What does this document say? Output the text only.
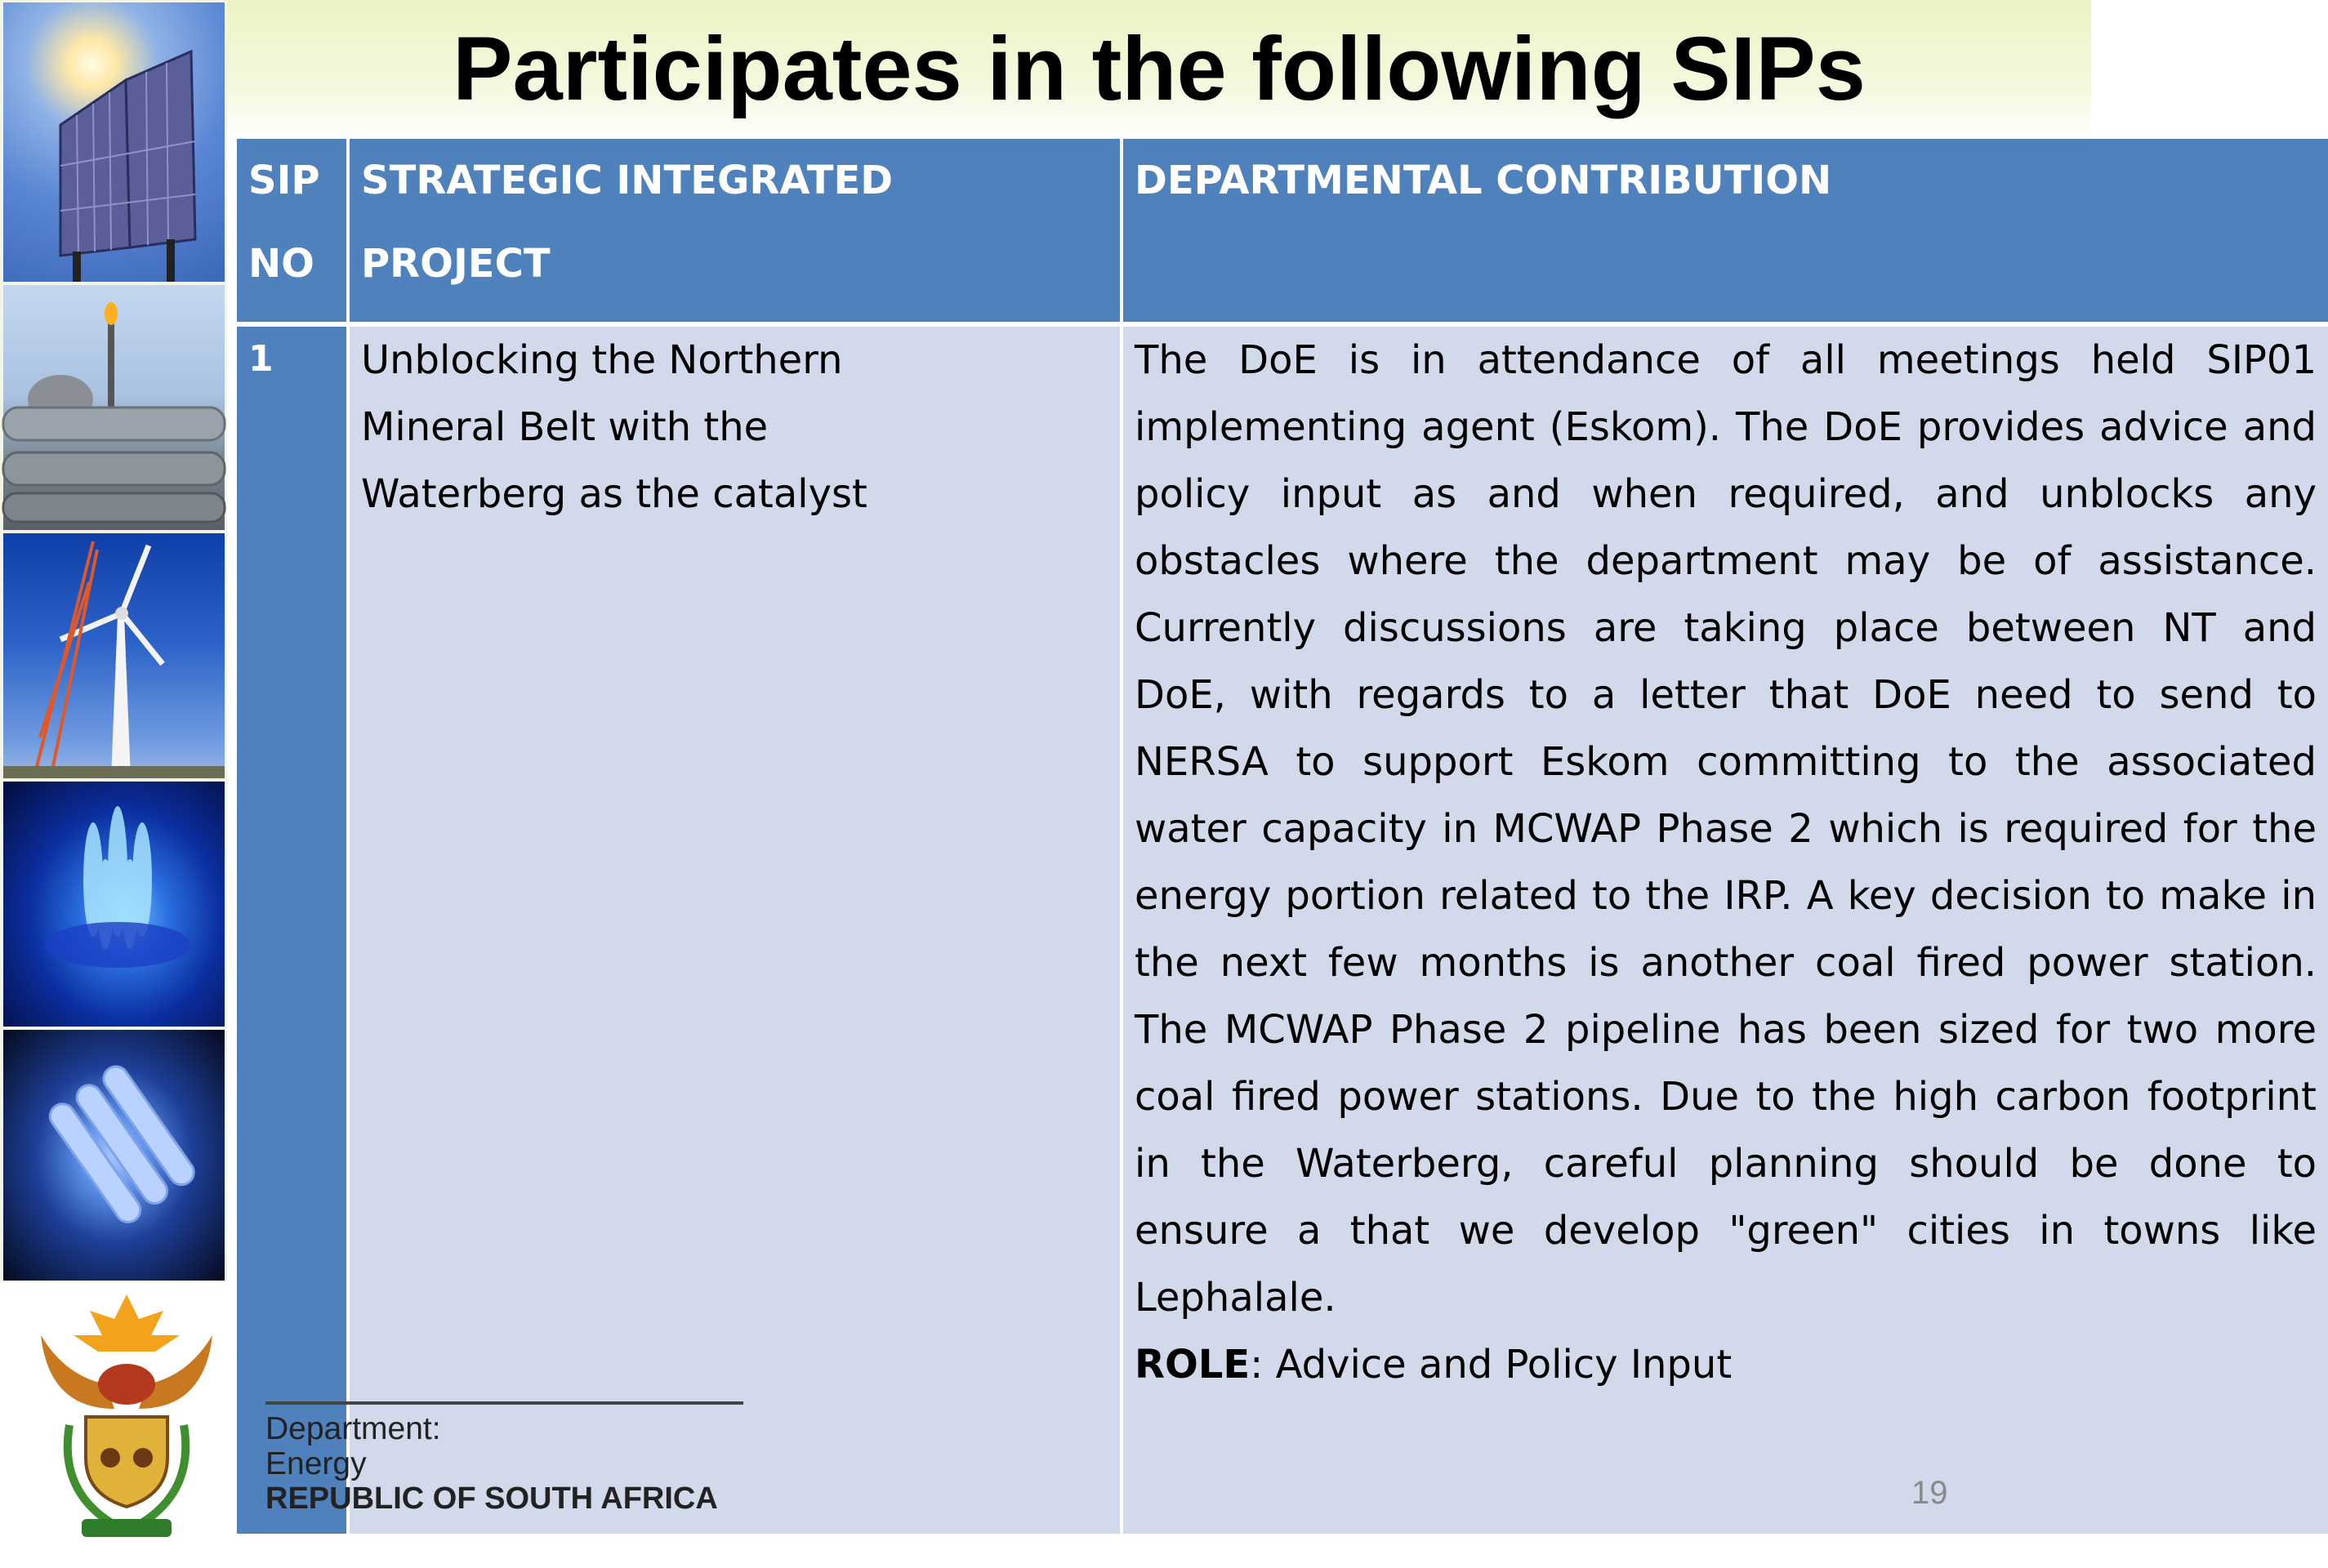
Participates in the following SIPs
SIP
NO
STRATEGIC INTEGRATED
PROJECT
DEPARTMENTAL CONTRIBUTION
1	Unblocking the Northern
Mineral Belt with the
Waterberg as the catalyst
The DoE is in attendance of all meetings held SIP01 implementing agent (Eskom). The DoE provides advice and policy input as and when required, and unblocks any obstacles where the department may be of assistance. Currently discussions are taking place between NT and DoE, with regards to a letter that DoE need to send to NERSA to support Eskom committing to the associated water capacity in MCWAP Phase 2 which is required for the energy portion related to the IRP. A key decision to make in the next few months is another coal fired power station. The MCWAP Phase 2 pipeline has been sized for two more coal fired power stations. Due to the high carbon footprint in the Waterberg, careful planning should be done to ensure a that we develop "green" cities in towns like Lephalale.
ROLE: Advice and Policy Input
Department:
Energy
REPUBLIC OF SOUTH AFRICA	19
